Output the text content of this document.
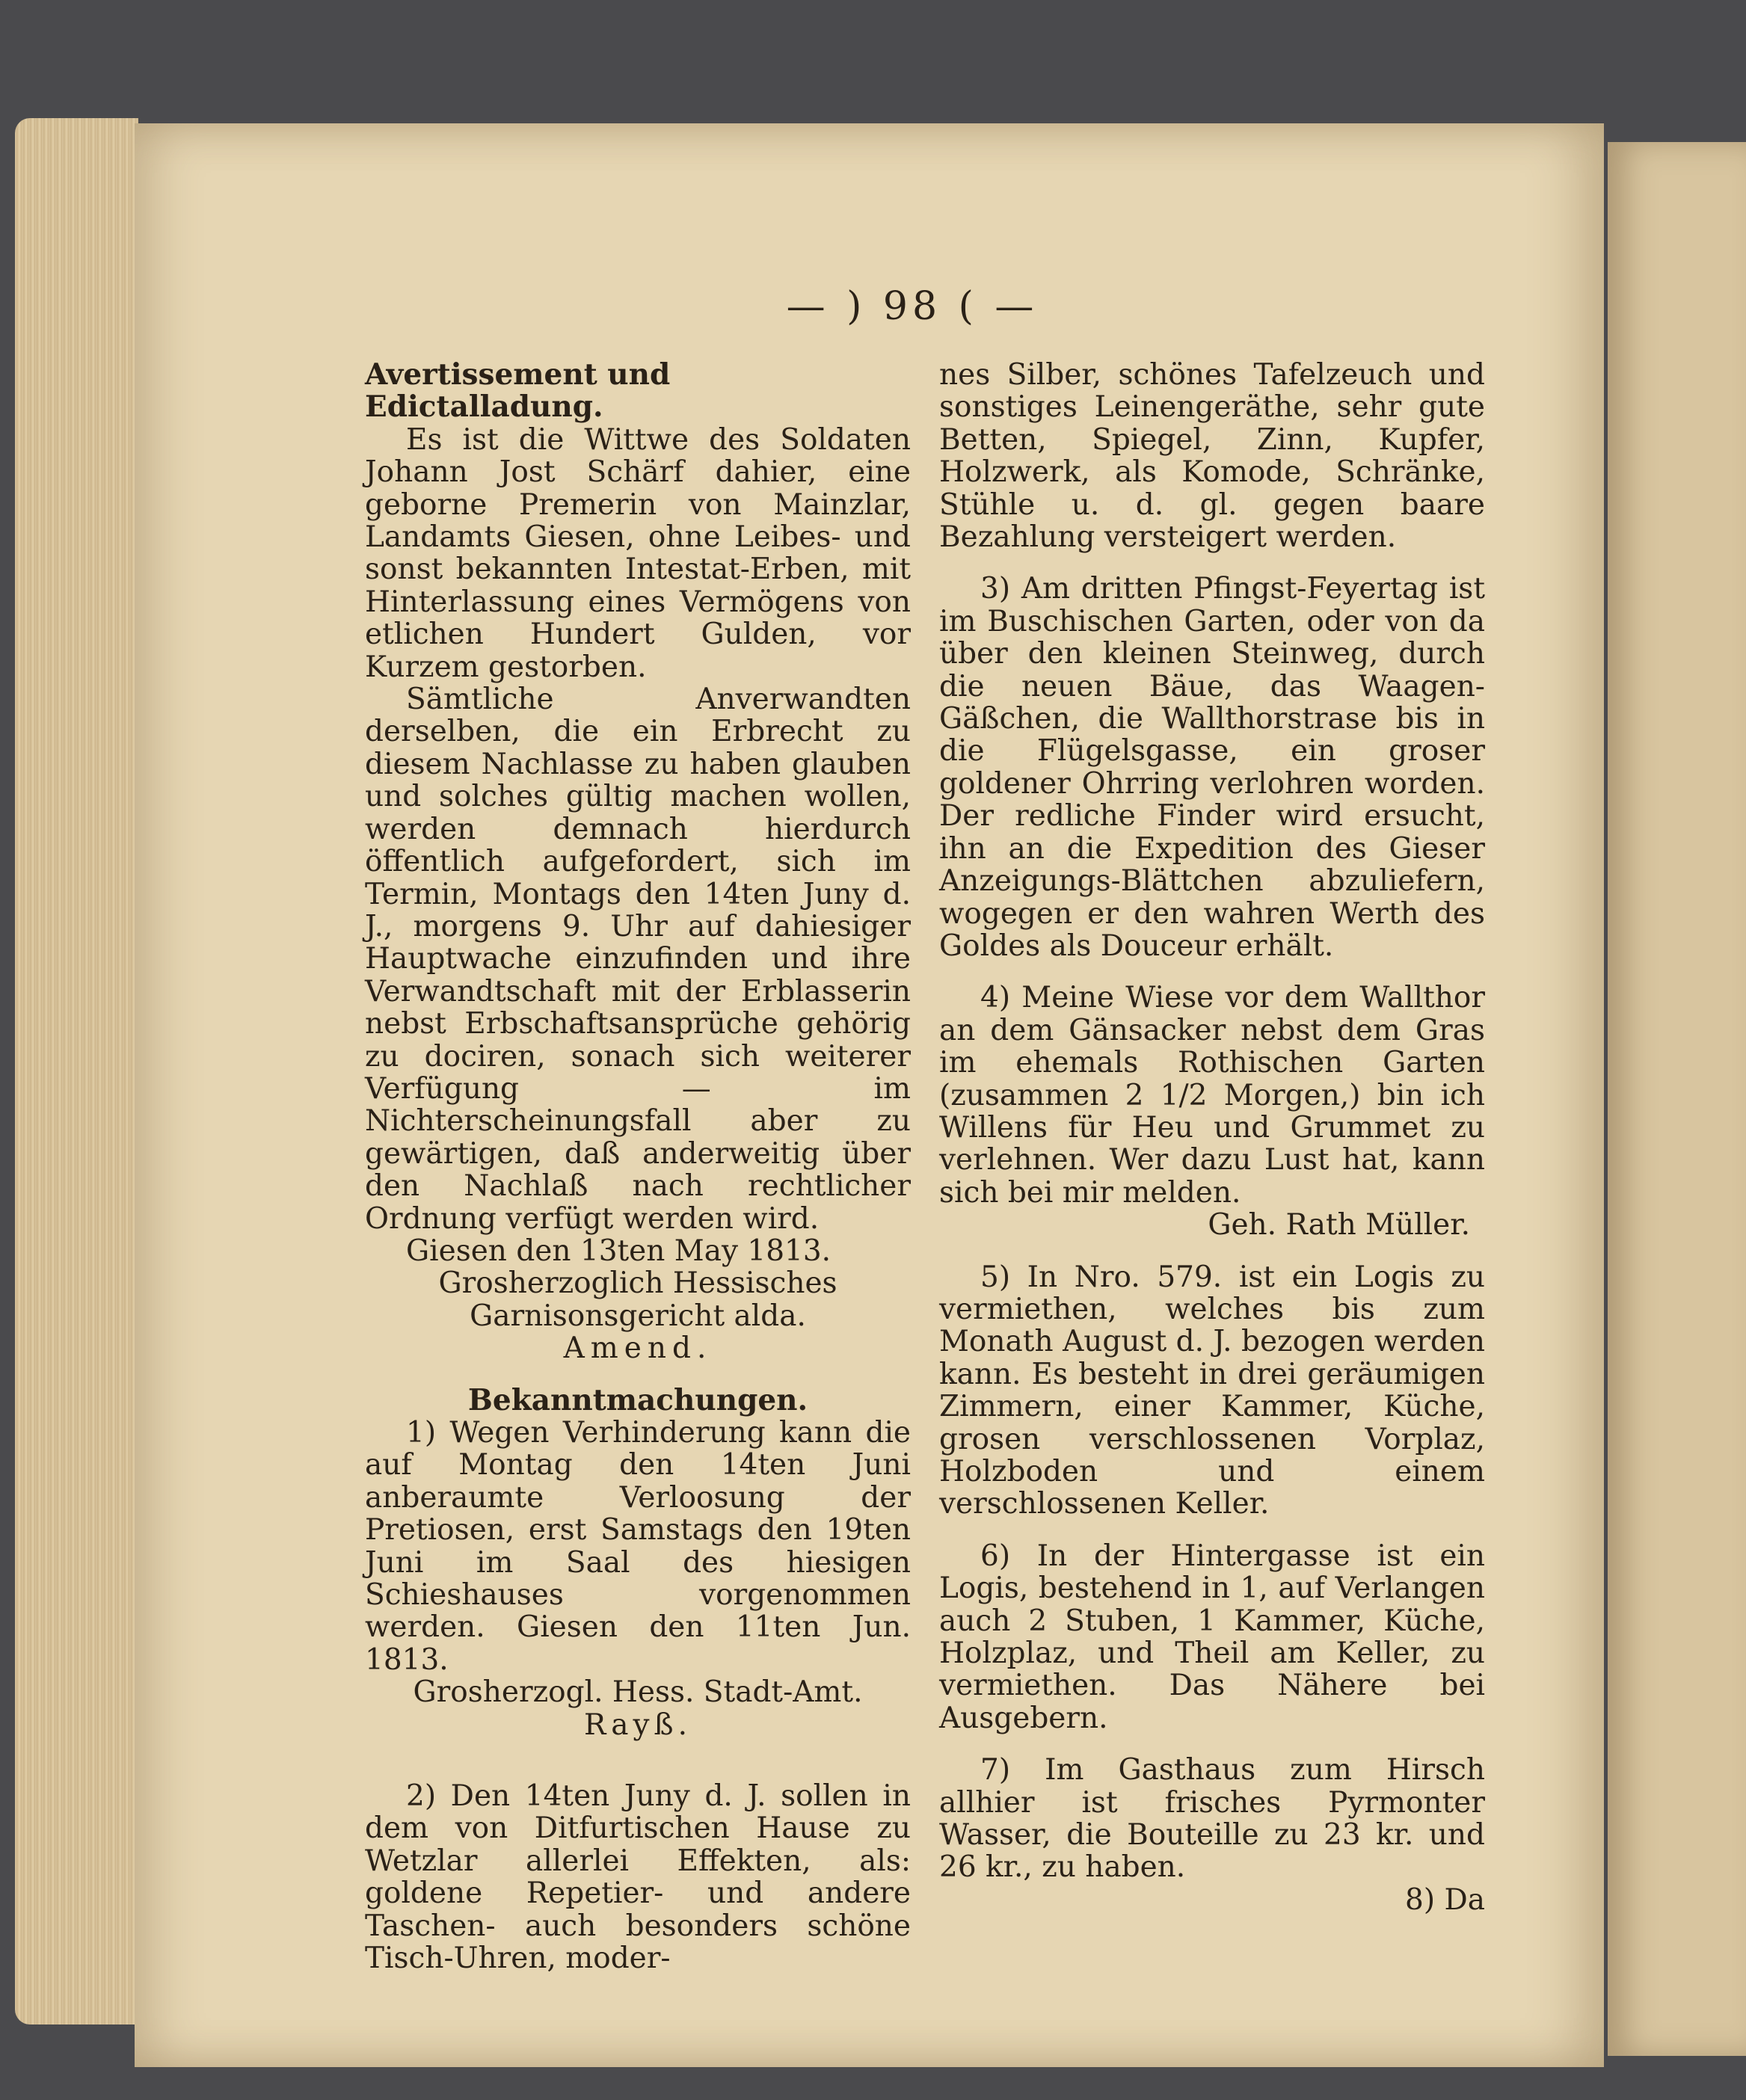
— ) 98 ( —

Avertissement und Edictalladung.

Es ist die Wittwe des Soldaten Johann Jost Schärf dahier, eine geborne Premerin von Mainzlar, Landamts Giesen, ohne Leibes- und sonst bekannten Intestat-Erben, mit Hinterlassung eines Vermögens von etlichen Hundert Gulden, vor Kurzem gestorben.

Sämtliche Anverwandten derselben, die ein Erbrecht zu diesem Nachlasse zu haben glauben und solches gültig machen wollen, werden demnach hierdurch öffentlich aufgefordert, sich im Termin, Montags den 14ten Juny d. J., morgens 9. Uhr auf dahiesiger Hauptwache einzufinden und ihre Verwandtschaft mit der Erblasserin nebst Erbschaftsansprüche gehörig zu dociren, sonach sich weiterer Verfügung — im Nichterscheinungsfall aber zu gewärtigen, daß anderweitig über den Nachlaß nach rechtlicher Ordnung verfügt werden wird.

Giesen den 13ten May 1813.

Grosherzoglich Hessisches Garnisonsgericht alda.

Amend.

Bekanntmachungen.

1) Wegen Verhinderung kann die auf Montag den 14ten Juni anberaumte Verloosung der Pretiosen, erst Samstags den 19ten Juni im Saal des hiesigen Schieshauses vorgenommen werden. Giesen den 11ten Jun. 1813.

Grosherzogl. Hess. Stadt-Amt.

Rayß.

2) Den 14ten Juny d. J. sollen in dem von Ditfurtischen Hause zu Wetzlar allerlei Effekten, als: goldene Repetier- und andere Taschen- auch besonders schöne Tisch-Uhren, moder-

nes Silber, schönes Tafelzeuch und sonstiges Leinengeräthe, sehr gute Betten, Spiegel, Zinn, Kupfer, Holzwerk, als Komode, Schränke, Stühle u. d. gl. gegen baare Bezahlung versteigert werden.

3) Am dritten Pfingst-Feyertag ist im Buschischen Garten, oder von da über den kleinen Steinweg, durch die neuen Bäue, das Waagen-Gäßchen, die Wallthorstrase bis in die Flügelsgasse, ein groser goldener Ohrring verlohren worden. Der redliche Finder wird ersucht, ihn an die Expedition des Gieser Anzeigungs-Blättchen abzuliefern, wogegen er den wahren Werth des Goldes als Douceur erhält.

4) Meine Wiese vor dem Wallthor an dem Gänsacker nebst dem Gras im ehemals Rothischen Garten (zusammen 2 1/2 Morgen,) bin ich Willens für Heu und Grummet zu verlehnen. Wer dazu Lust hat, kann sich bei mir melden.

Geh. Rath Müller.

5) In Nro. 579. ist ein Logis zu vermiethen, welches bis zum Monath August d. J. bezogen werden kann. Es besteht in drei geräumigen Zimmern, einer Kammer, Küche, grosen verschlossenen Vorplaz, Holzboden und einem verschlossenen Keller.

6) In der Hintergasse ist ein Logis, bestehend in 1, auf Verlangen auch 2 Stuben, 1 Kammer, Küche, Holzplaz, und Theil am Keller, zu vermiethen. Das Nähere bei Ausgebern.

7) Im Gasthaus zum Hirsch allhier ist frisches Pyrmonter Wasser, die Bouteille zu 23 kr. und 26 kr., zu haben.

8) Da
